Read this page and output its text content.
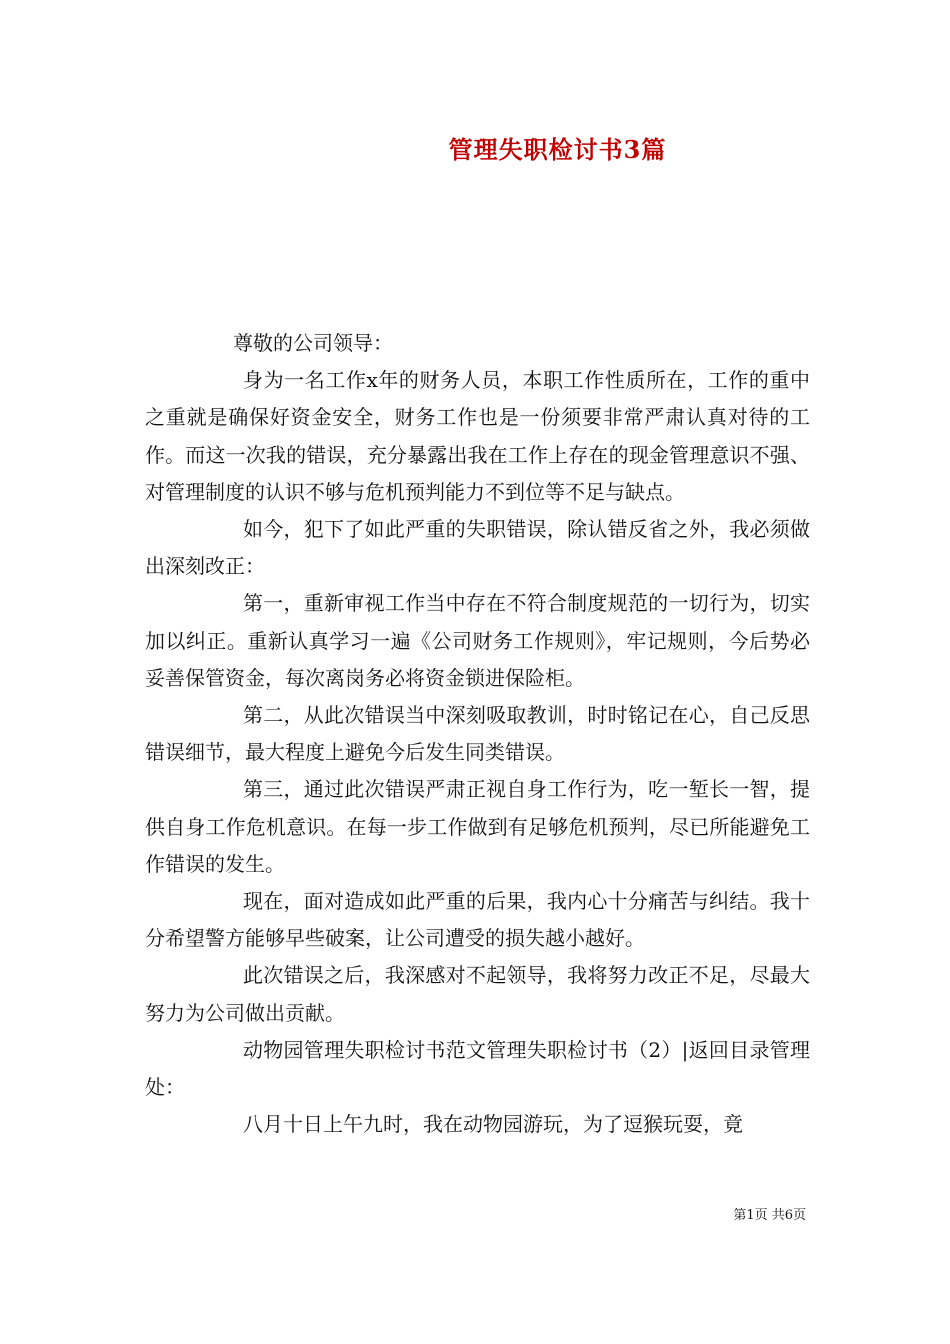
管理失职检讨书3篇

尊敬的公司领导：

身为一名工作x年的财务人员，本职工作性质所在，工作的重中之重就是确保好资金安全，财务工作也是一份须要非常严肃认真对待的工作。而这一次我的错误，充分暴露出我在工作上存在的现金管理意识不强、对管理制度的认识不够与危机预判能力不到位等不足与缺点。

如今，犯下了如此严重的失职错误，除认错反省之外，我必须做出深刻改正：

第一，重新审视工作当中存在不符合制度规范的一切行为，切实加以纠正。重新认真学习一遍《公司财务工作规则》，牢记规则，今后势必妥善保管资金，每次离岗务必将资金锁进保险柜。

第二，从此次错误当中深刻吸取教训，时时铭记在心，自己反思错误细节，最大程度上避免今后发生同类错误。

第三，通过此次错误严肃正视自身工作行为，吃一堑长一智，提供自身工作危机意识。在每一步工作做到有足够危机预判，尽已所能避免工作错误的发生。

现在，面对造成如此严重的后果，我内心十分痛苦与纠结。我十分希望警方能够早些破案，让公司遭受的损失越小越好。

此次错误之后，我深感对不起领导，我将努力改正不足，尽最大努力为公司做出贡献。

动物园管理失职检讨书范文管理失职检讨书（2）|返回目录管理处：

八月十日上午九时，我在动物园游玩，为了逗猴玩耍，竟

第1页 共6页
